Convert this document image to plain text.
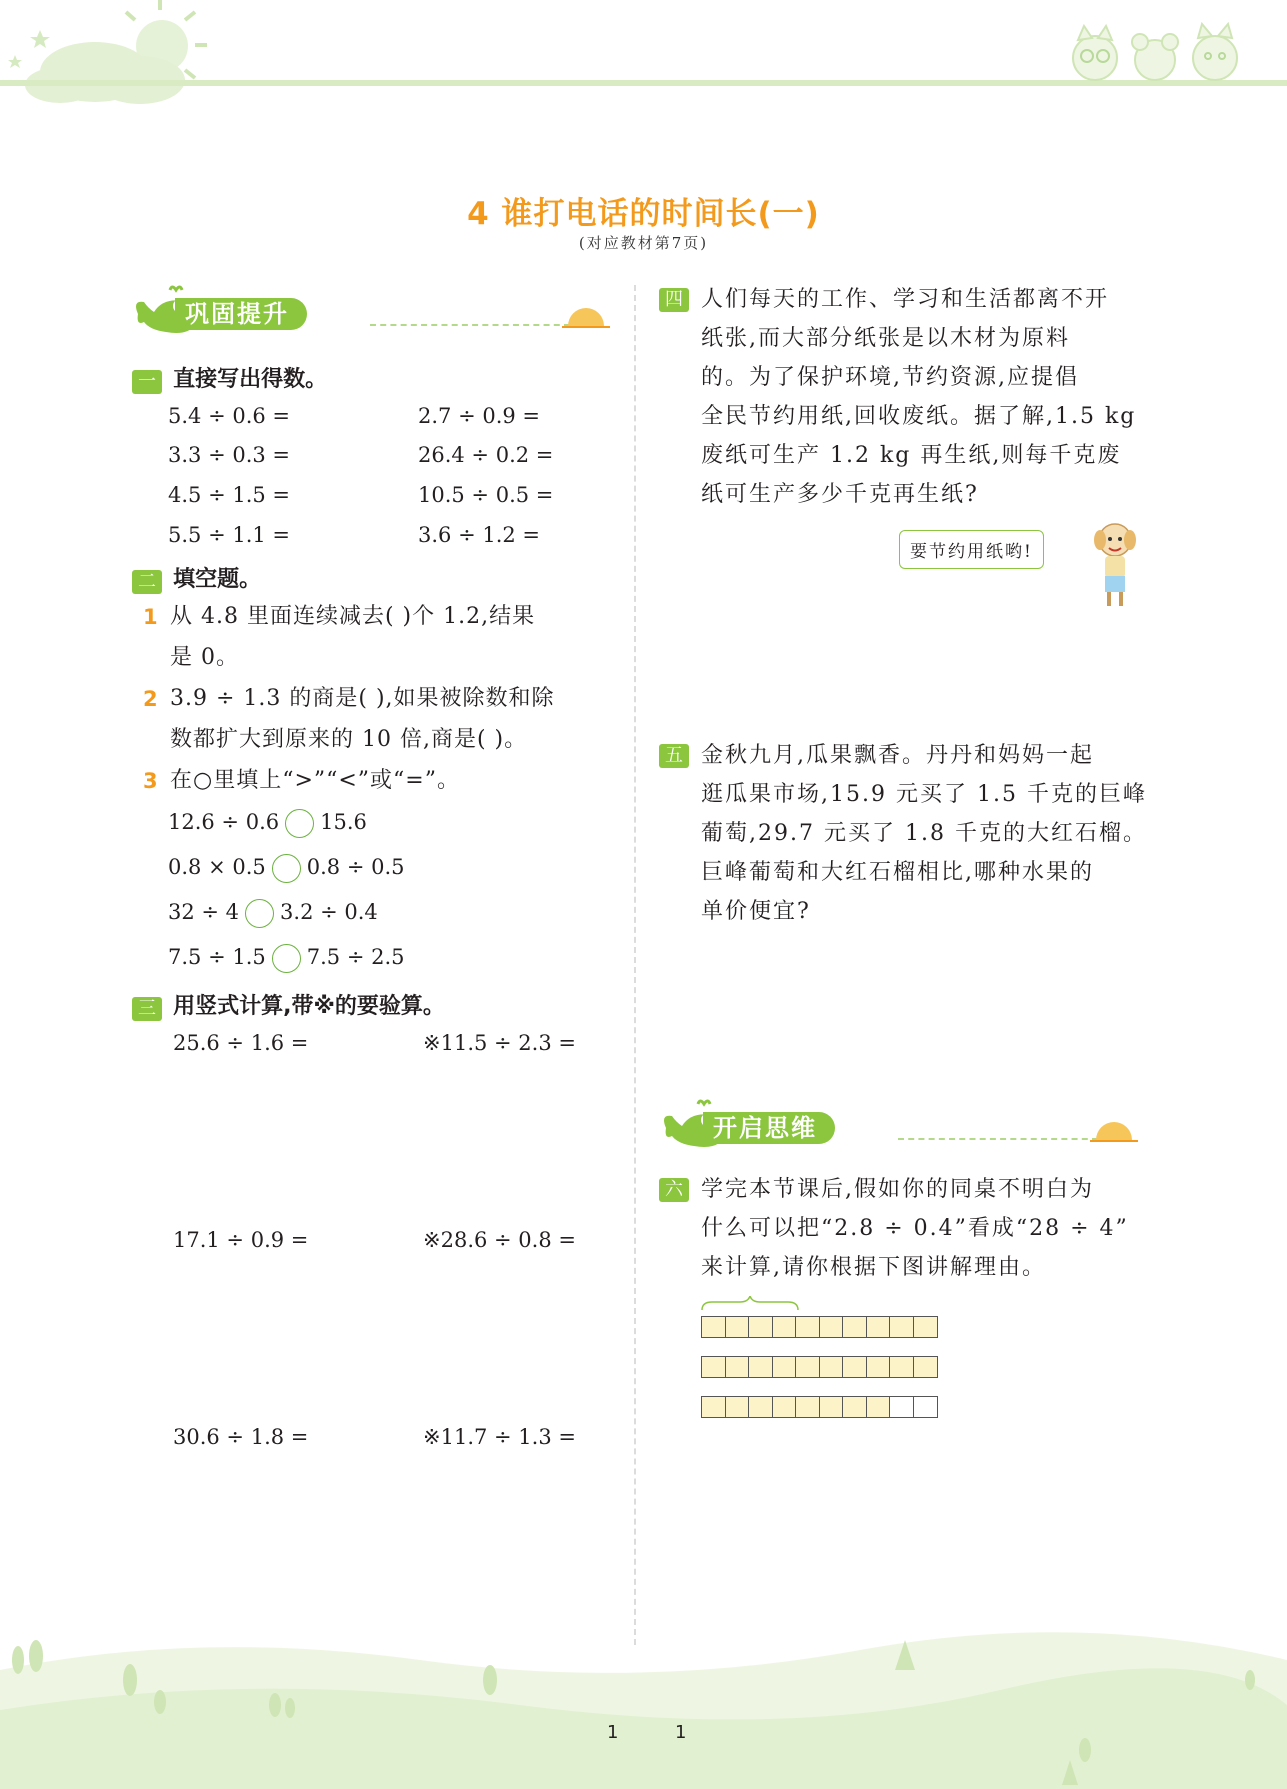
4 谁打电话的时间长(一)
(对应教材第7页)
巩固提升
一 直接写出得数。
5.4 ÷ 0.6 =	2.7 ÷ 0.9 =
3.3 ÷ 0.3 =	26.4 ÷ 0.2 =
4.5 ÷ 1.5 =	10.5 ÷ 0.5 =
5.5 ÷ 1.1 =	3.6 ÷ 1.2 =
二 填空题。
1 从 4.8 里面连续减去( )个 1.2,结果
是 0。
2 3.9 ÷ 1.3 的商是( ),如果被除数和除
数都扩大到原来的 10 倍,商是( )。
3 在○里填上“>”“<”或“=”。
12.6 ÷ 0.6 15.6
0.8 × 0.5 0.8 ÷ 0.5
32 ÷ 4 3.2 ÷ 0.4
7.5 ÷ 1.5 7.5 ÷ 2.5
三 用竖式计算,带※的要验算。
25.6 ÷ 1.6 =	※11.5 ÷ 2.3 =
17.1 ÷ 0.9 =	※28.6 ÷ 0.8 =
30.6 ÷ 1.8 =	※11.7 ÷ 1.3 =
四 人们每天的工作、学习和生活都离不开
纸张,而大部分纸张是以木材为原料
的。为了保护环境,节约资源,应提倡
全民节约用纸,回收废纸。据了解,1.5 kg
废纸可生产 1.2 kg 再生纸,则每千克废
纸可生产多少千克再生纸?
要节约用纸哟!
五 金秋九月,瓜果飘香。丹丹和妈妈一起
逛瓜果市场,15.9 元买了 1.5 千克的巨峰
葡萄,29.7 元买了 1.8 千克的大红石榴。
巨峰葡萄和大红石榴相比,哪种水果的
单价便宜?
开启思维
六 学完本节课后,假如你的同桌不明白为
什么可以把“2.8 ÷ 0.4”看成“28 ÷ 4”
来计算,请你根据下图讲解理由。
1	1
